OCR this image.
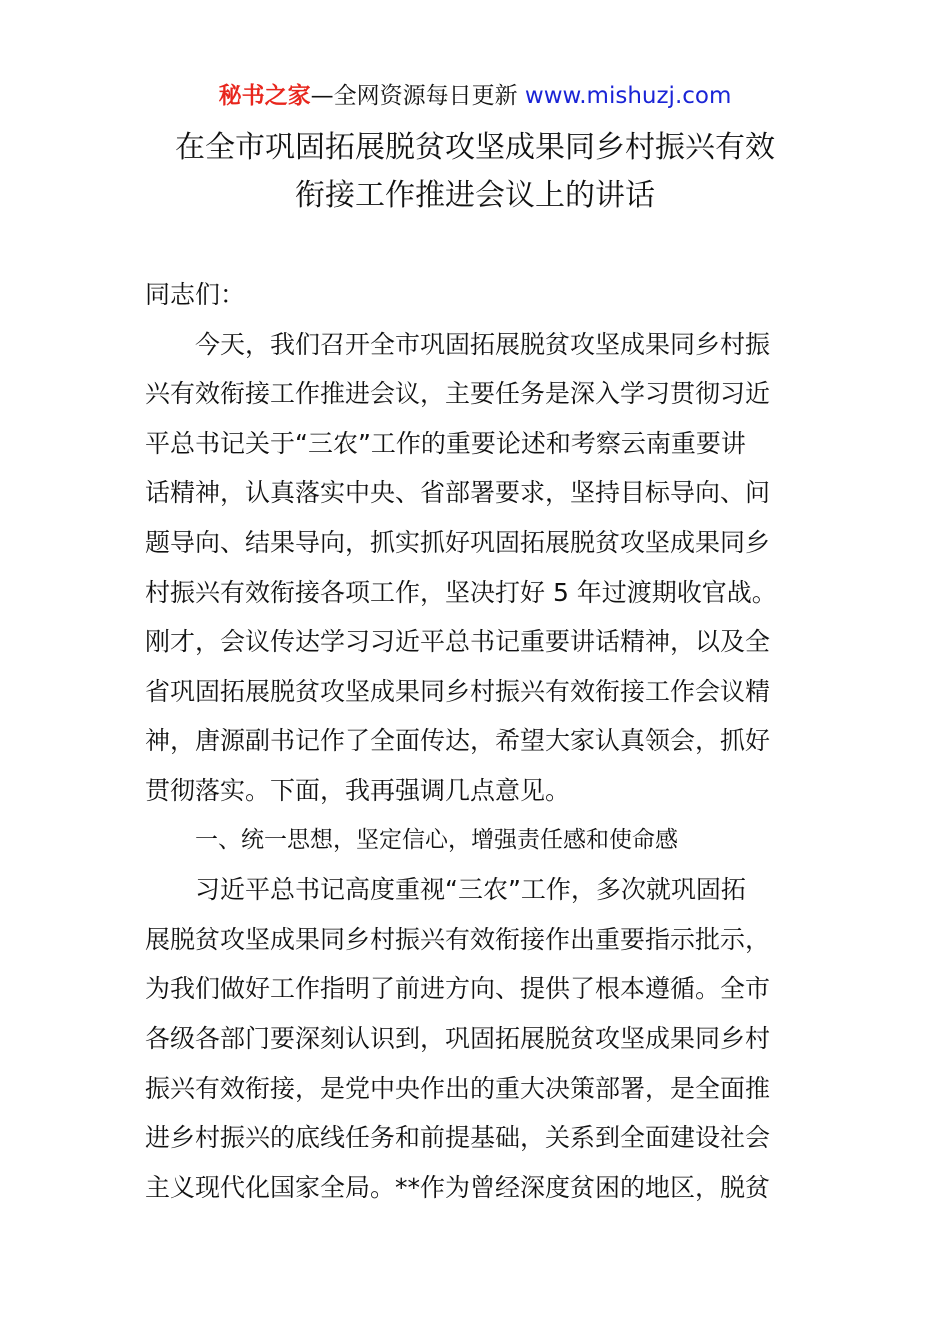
秘书之家—全网资源每日更新 www.mishuzj.com
在全市巩固拓展脱贫攻坚成果同乡村振兴有效
衔接工作推进会议上的讲话
同志们：
今天，我们召开全市巩固拓展脱贫攻坚成果同乡村振
兴有效衔接工作推进会议，主要任务是深入学习贯彻习近
平总书记关于“三农”工作的重要论述和考察云南重要讲
话精神，认真落实中央、省部署要求，坚持目标导向、问
题导向、结果导向，抓实抓好巩固拓展脱贫攻坚成果同乡
村振兴有效衔接各项工作，坚决打好 5 年过渡期收官战。
刚才，会议传达学习习近平总书记重要讲话精神，以及全
省巩固拓展脱贫攻坚成果同乡村振兴有效衔接工作会议精
神，唐源副书记作了全面传达，希望大家认真领会，抓好
贯彻落实。下面，我再强调几点意见。
一、统一思想，坚定信心，增强责任感和使命感
习近平总书记高度重视“三农”工作，多次就巩固拓
展脱贫攻坚成果同乡村振兴有效衔接作出重要指示批示，
为我们做好工作指明了前进方向、提供了根本遵循。全市
各级各部门要深刻认识到，巩固拓展脱贫攻坚成果同乡村
振兴有效衔接，是党中央作出的重大决策部署，是全面推
进乡村振兴的底线任务和前提基础，关系到全面建设社会
主义现代化国家全局。**作为曾经深度贫困的地区，脱贫
